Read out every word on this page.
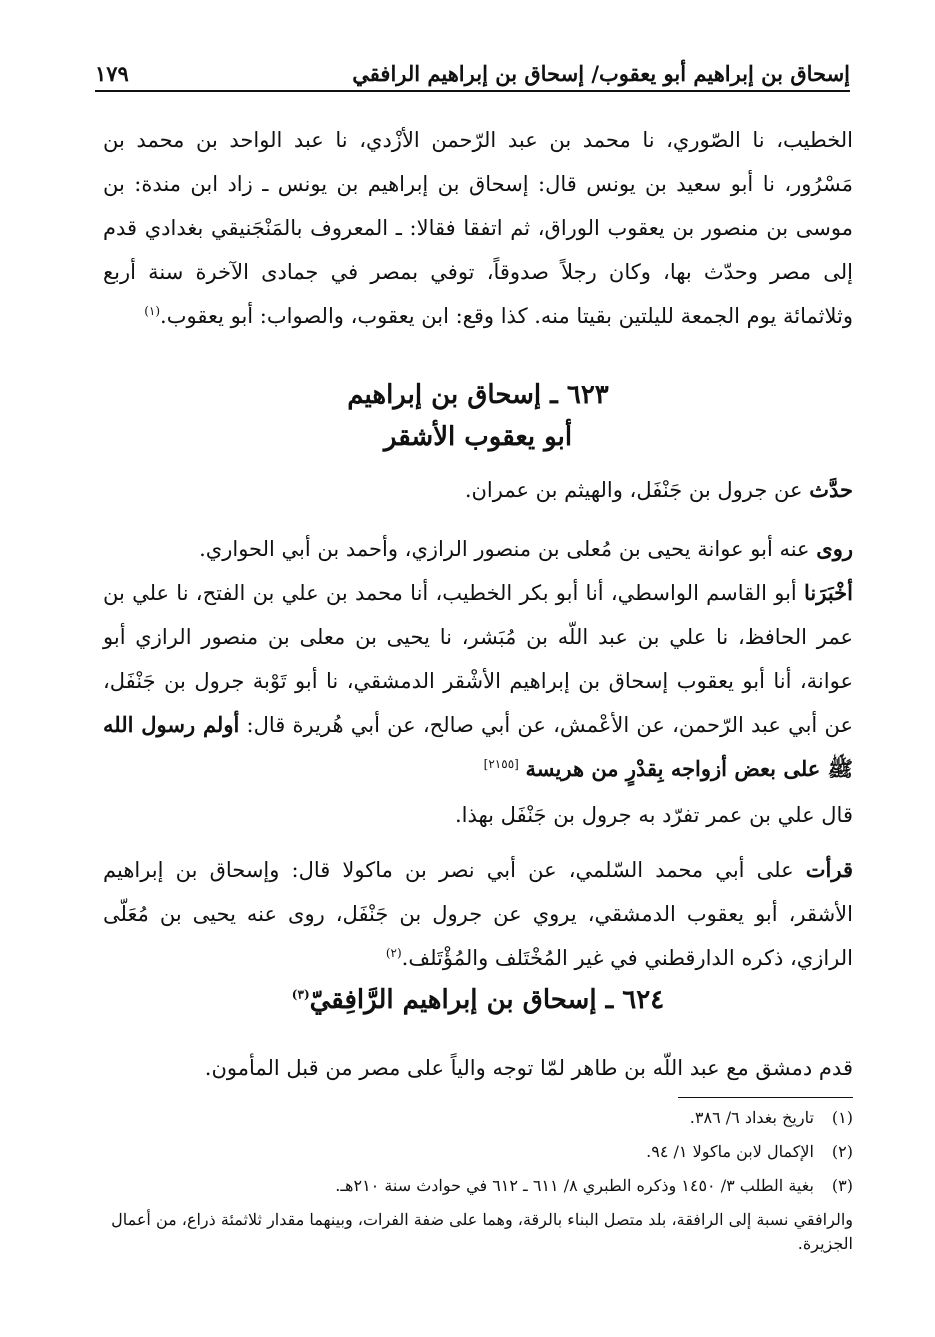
إسحاق بن إبراهيم أبو يعقوب/ إسحاق بن إبراهيم الرافقي
١٧٩
الخطيب، نا الصّوري، نا محمد بن عبد الرّحمن الأزْدي، نا عبد الواحد بن محمد بن مَسْرُور، نا أبو سعيد بن يونس قال: إسحاق بن إبراهيم بن يونس ـ زاد ابن مندة: بن موسى بن منصور بن يعقوب الوراق، ثم اتفقا فقالا: ـ المعروف بالمَنْجَنيقي بغدادي قدم إلى مصر وحدّث بها، وكان رجلاً صدوقاً، توفي بمصر في جمادى الآخرة سنة أربع وثلاثمائة يوم الجمعة لليلتين بقيتا منه. كذا وقع: ابن يعقوب، والصواب: أبو يعقوب.$^{(١)}$
٦٢٣ ـ إسحاق بن إبراهيم
أبو يعقوب الأشقر
حدَّث عن جرول بن جَنْفَل، والهيثم بن عمران.
روى عنه أبو عوانة يحيى بن مُعلى بن منصور الرازي، وأحمد بن أبي الحواري.
أخْبَرَنا أبو القاسم الواسطي، أنا أبو بكر الخطيب، أنا محمد بن علي بن الفتح، نا علي بن عمر الحافظ، نا علي بن عبد اللّه بن مُبَشر، نا يحيى بن معلى بن منصور الرازي أبو عوانة، أنا أبو يعقوب إسحاق بن إبراهيم الأشْقر الدمشقي، نا أبو تَوْبة جرول بن جَنْفَل، عن أبي عبد الرّحمن، عن الأعْمش، عن أبي صالح، عن أبي هُريرة قال: أولم رسول الله ﷺ على بعض أزواجه بِقدْرٍ من هريسة [٢١٥٥]
قال علي بن عمر تفرّد به جرول بن جَنْفَل بهذا.
قرأت على أبي محمد السّلمي، عن أبي نصر بن ماكولا قال: وإسحاق بن إبراهيم الأشقر، أبو يعقوب الدمشقي، يروي عن جرول بن جَنْفَل، روى عنه يحيى بن مُعَلّى الرازي، ذكره الدارقطني في غير المُخْتَلف والمُؤْتَلف.$^{(٢)}$
٦٢٤ ـ إسحاق بن إبراهيم الرَّافِقيّ$^{(٣)}$
قدم دمشق مع عبد اللّه بن طاهر لمّا توجه والياً على مصر من قبل المأمون.
(١) تاريخ بغداد ٦/ ٣٨٦.
(٢) الإكمال لابن ماكولا ١/ ٩٤.
(٣) بغية الطلب ٣/ ١٤٥٠ وذكره الطبري ٨/ ٦١١ ـ ٦١٢ في حوادث سنة ٢١٠هـ.
والرافقي نسبة إلى الرافقة، بلد متصل البناء بالرقة، وهما على ضفة الفرات، وبينهما مقدار ثلاثمئة ذراع، من أعمال الجزيرة.
